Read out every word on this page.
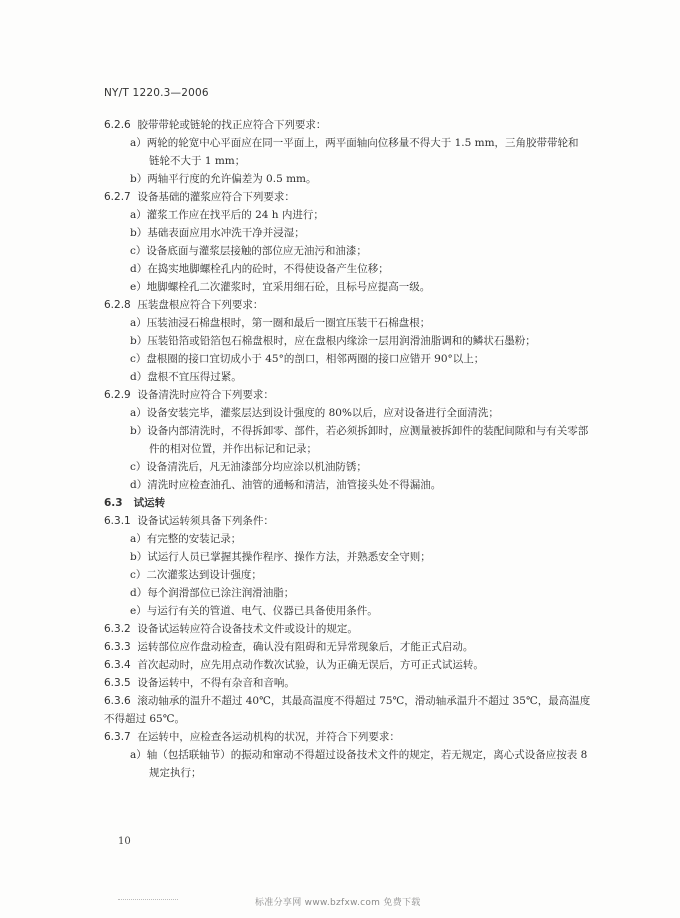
NY/T 1220.3—2006
6.2.6 胶带带轮或链轮的找正应符合下列要求：
a）两轮的轮宽中心平面应在同一平面上，两平面轴向位移量不得大于 1.5 mm，三角胶带带轮和
链轮不大于 1 mm；
b）两轴平行度的允许偏差为 0.5 mm。
6.2.7 设备基础的灌浆应符合下列要求：
a）灌浆工作应在找平后的 24 h 内进行；
b）基础表面应用水冲洗干净并浸湿；
c）设备底面与灌浆层接触的部位应无油污和油漆；
d）在捣实地脚螺栓孔内的砼时，不得使设备产生位移；
e）地脚螺栓孔二次灌浆时，宜采用细石砼，且标号应提高一级。
6.2.8 压装盘根应符合下列要求：
a）压装油浸石棉盘根时，第一圈和最后一圈宜压装干石棉盘根；
b）压装铅箔或铅箔包石棉盘根时，应在盘根内缘涂一层用润滑油脂调和的鳞状石墨粉；
c）盘根圈的接口宜切成小于 45°的剖口，相邻两圈的接口应错开 90°以上；
d）盘根不宜压得过紧。
6.2.9 设备清洗时应符合下列要求：
a）设备安装完毕，灌浆层达到设计强度的 80%以后，应对设备进行全面清洗；
b）设备内部清洗时，不得拆卸零、部件，若必须拆卸时，应测量被拆卸件的装配间隙和与有关零部
件的相对位置，并作出标记和记录；
c）设备清洗后，凡无油漆部分均应涂以机油防锈；
d）清洗时应检查油孔、油管的通畅和清洁，油管接头处不得漏油。
6.3 试运转
6.3.1 设备试运转须具备下列条件：
a）有完整的安装记录；
b）试运行人员已掌握其操作程序、操作方法，并熟悉安全守则；
c）二次灌浆达到设计强度；
d）每个润滑部位已涂注润滑油脂；
e）与运行有关的管道、电气、仪器已具备使用条件。
6.3.2 设备试运转应符合设备技术文件或设计的规定。
6.3.3 运转部位应作盘动检查，确认没有阻碍和无异常现象后，才能正式启动。
6.3.4 首次起动时，应先用点动作数次试验，认为正确无误后，方可正式试运转。
6.3.5 设备运转中，不得有杂音和音响。
6.3.6 滚动轴承的温升不超过 40℃，其最高温度不得超过 75℃，滑动轴承温升不超过 35℃，最高温度
不得超过 65℃。
6.3.7 在运转中，应检查各运动机构的状况，并符合下列要求：
a）轴（包括联轴节）的振动和窜动不得超过设备技术文件的规定，若无规定，离心式设备应按表 8
规定执行；
10
标准分享网 www.bzfxw.com 免费下载
